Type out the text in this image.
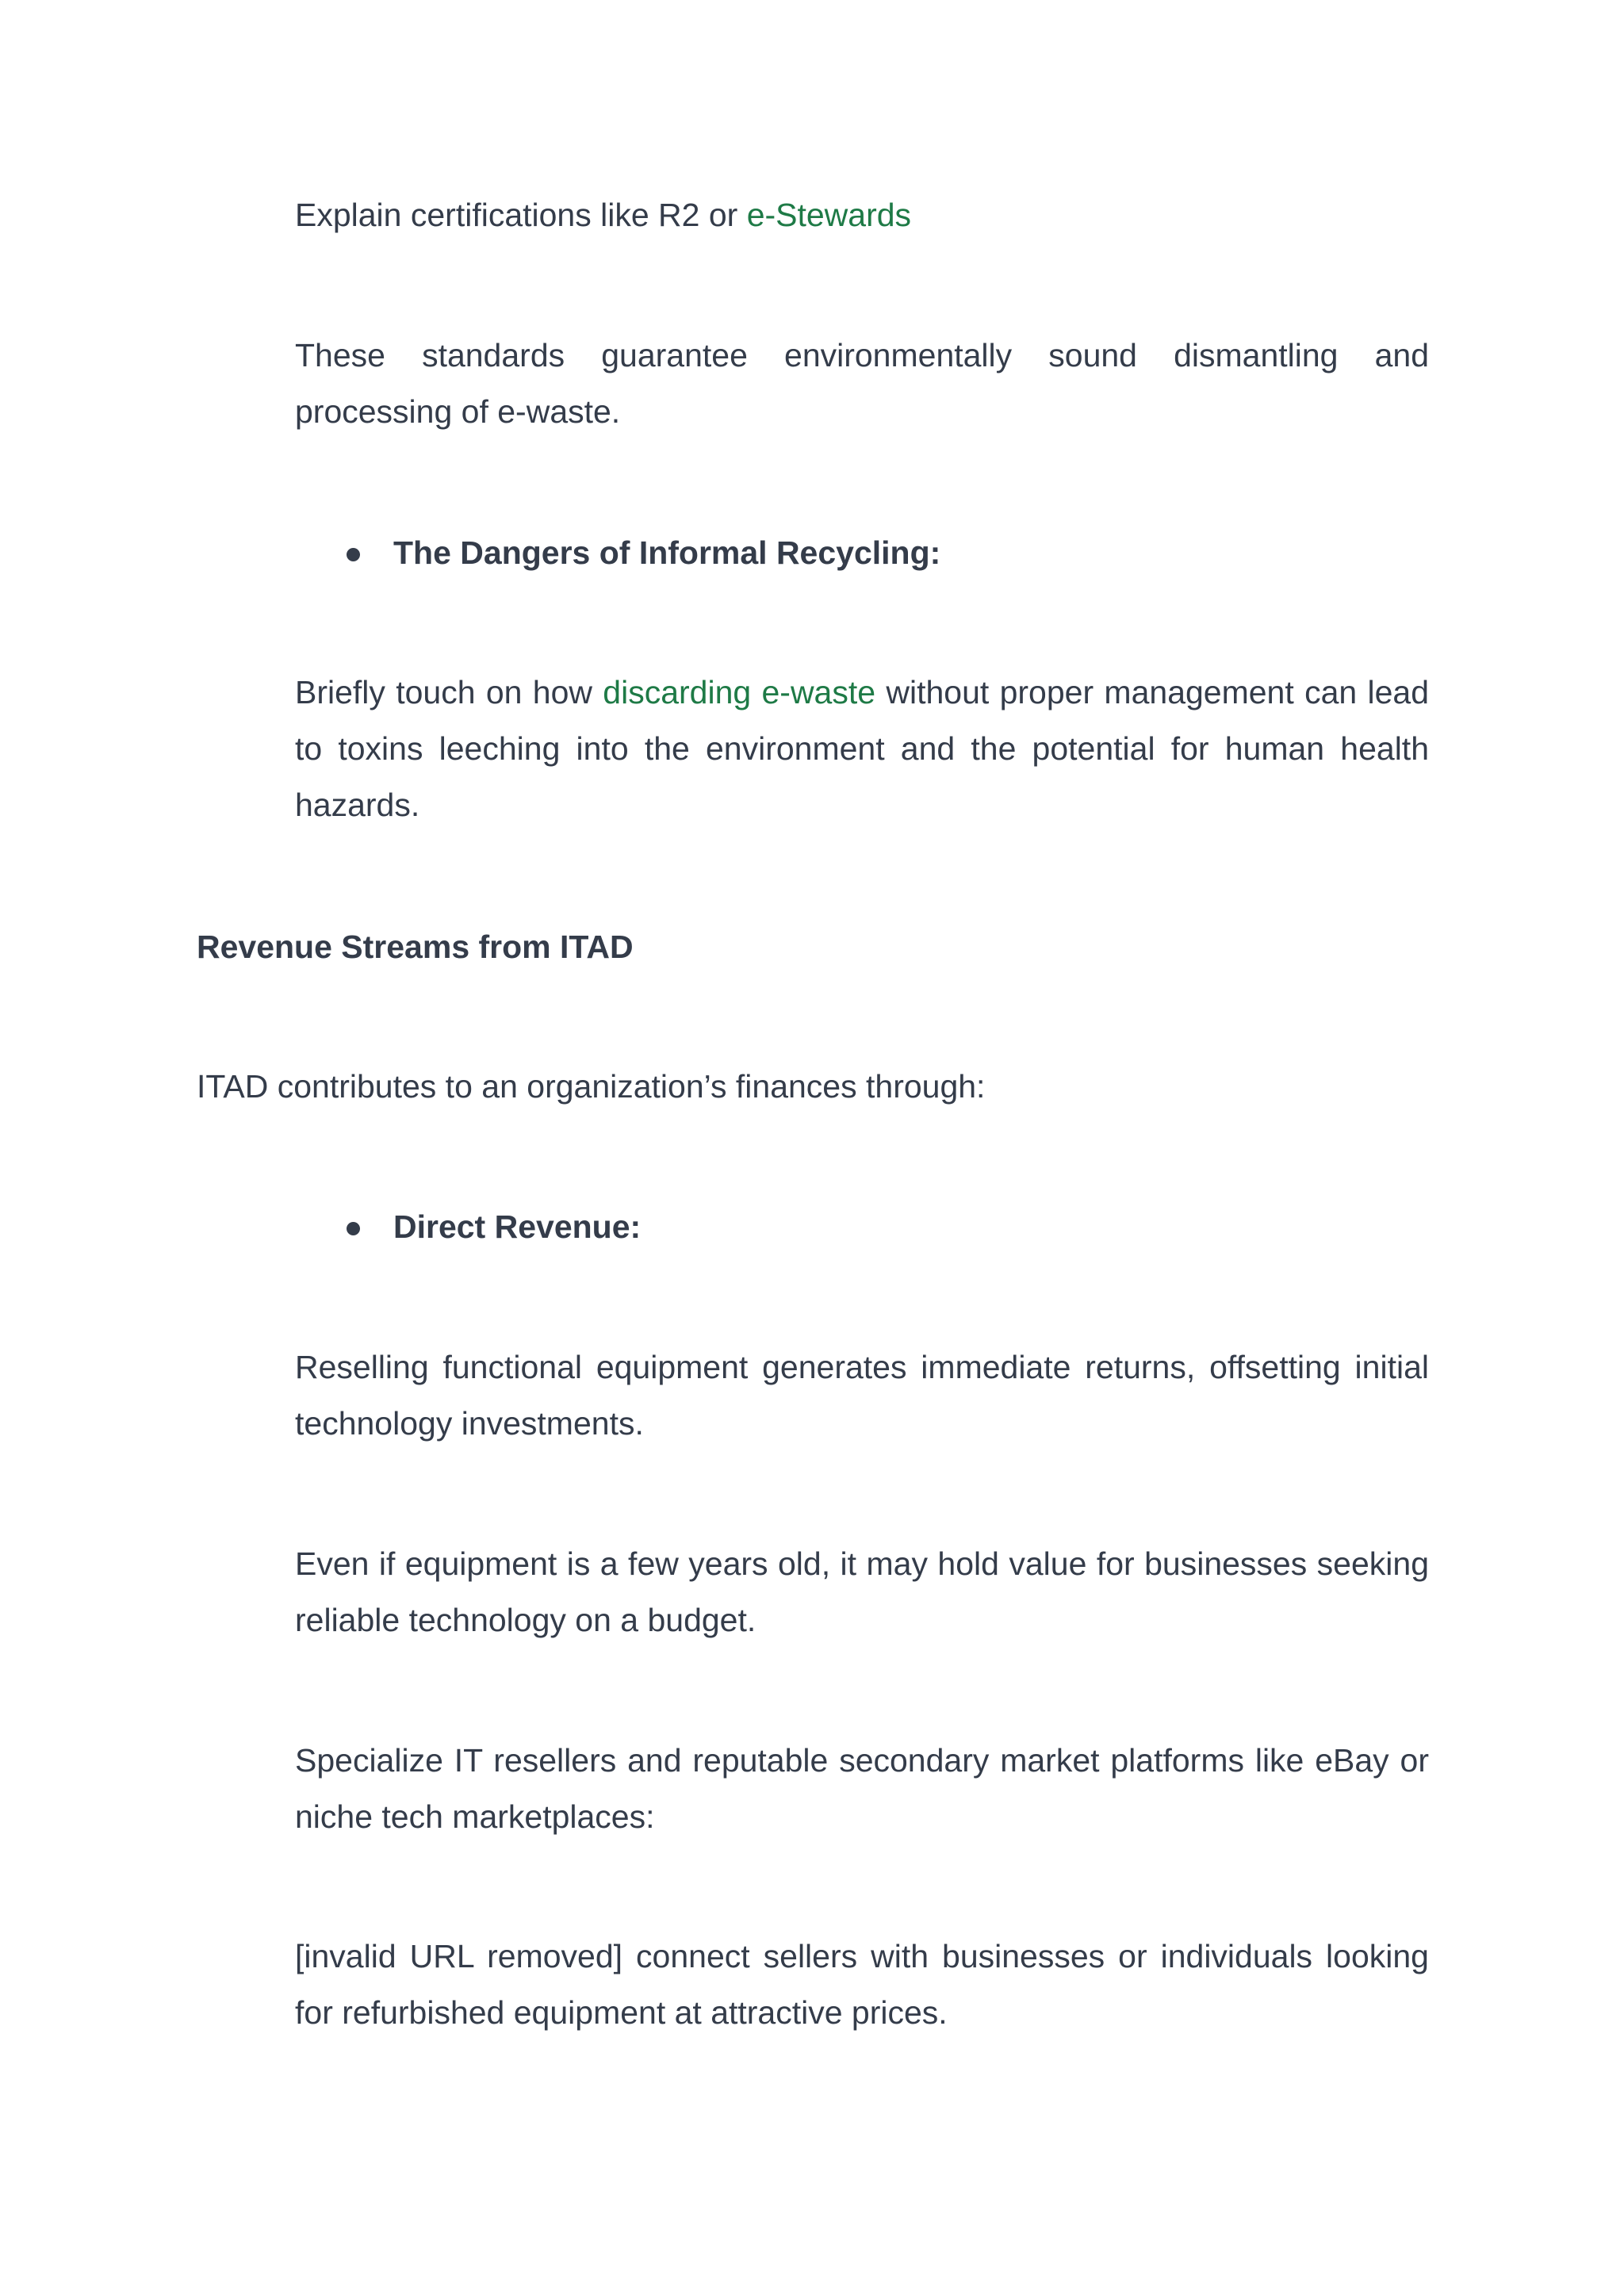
Explain certifications like R2 or e-Stewards

These standards guarantee environmentally sound dismantling and processing of e-waste.

The Dangers of Informal Recycling:

Briefly touch on how discarding e-waste without proper management can lead to toxins leeching into the environment and the potential for human health hazards.

Revenue Streams from ITAD

ITAD contributes to an organization’s finances through:

Direct Revenue:

Reselling functional equipment generates immediate returns, offsetting initial technology investments.

Even if equipment is a few years old, it may hold value for businesses seeking reliable technology on a budget.

Specialize IT resellers and reputable secondary market platforms like eBay or niche tech marketplaces:

[invalid URL removed] connect sellers with businesses or individuals looking for refurbished equipment at attractive prices.
